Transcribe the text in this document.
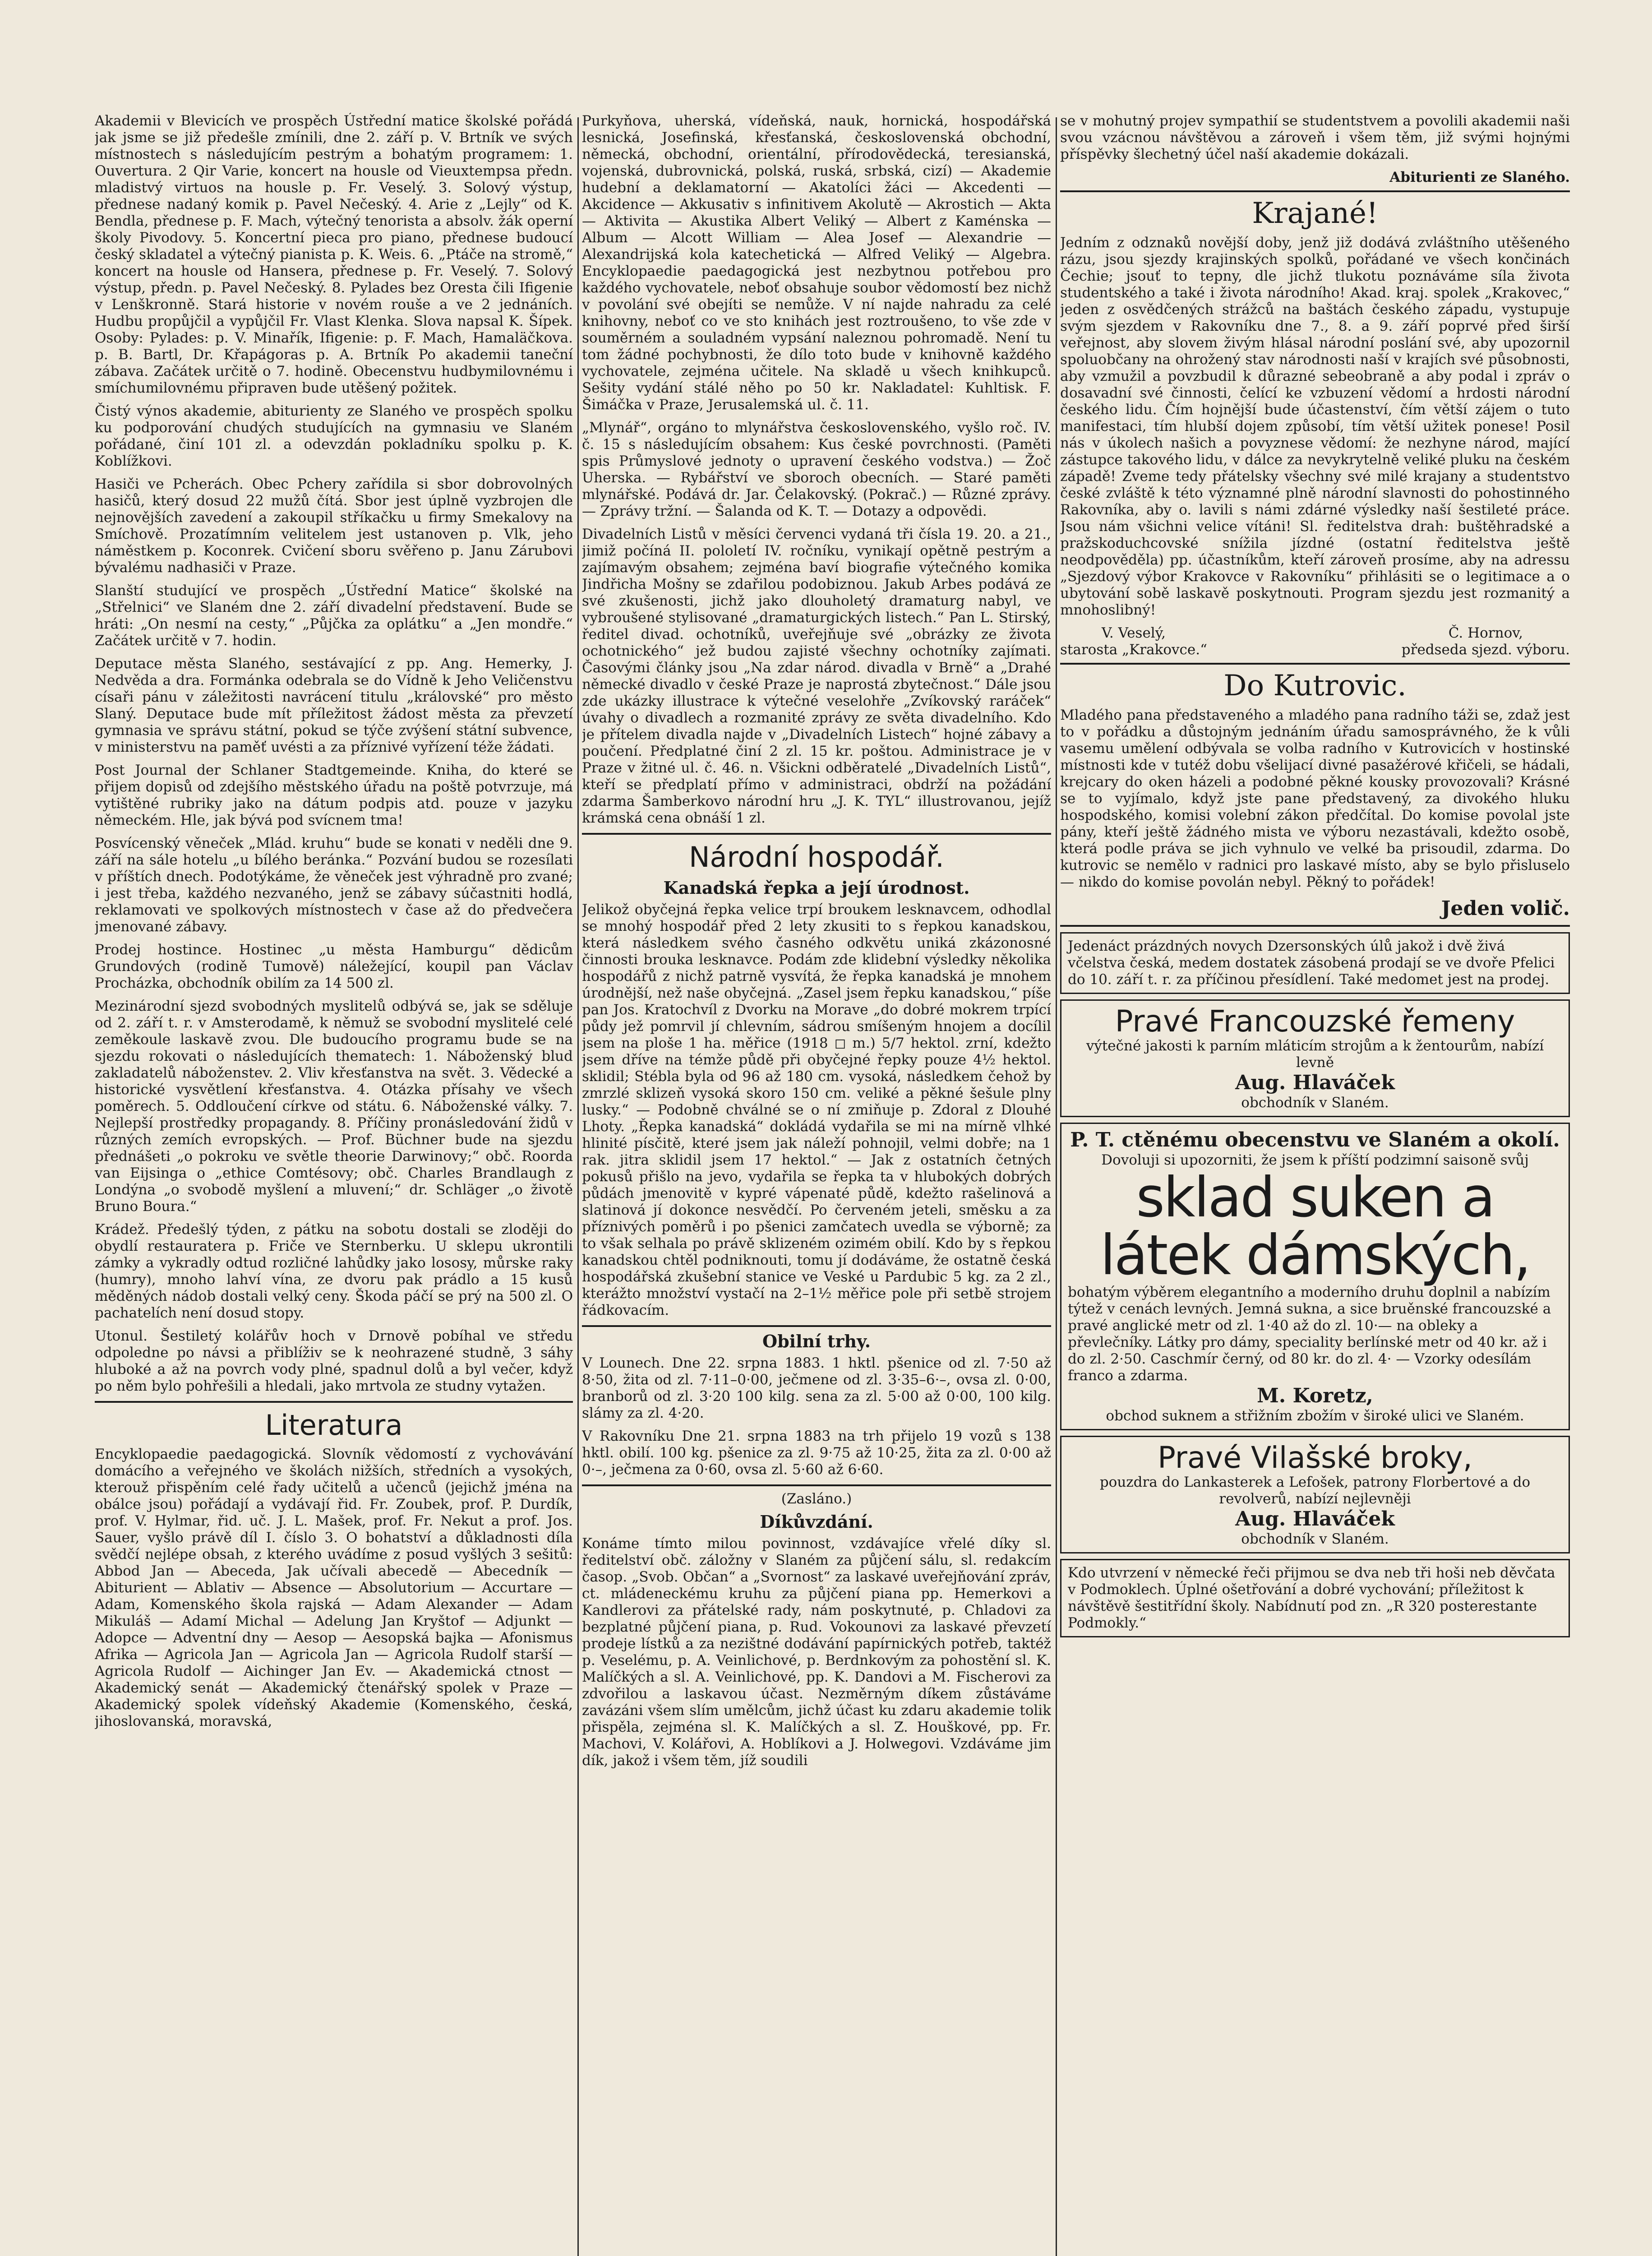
Akademii v Blevicích ve prospěch Ústřední matice školské pořádá jak jsme se již předešle zmínili, dne 2. září p. V. Brtník ve svých místnostech s následujícím pestrým a bohatým programem: 1. Ouvertura. 2 Qir Varie, koncert na housle od Vieuxtempsa předn. mladistvý virtuos na housle p. Fr. Veselý. 3. Solový výstup, přednese nadaný komik p. Pavel Nečeský. 4. Arie z „Lejly“ od K. Bendla, přednese p. F. Mach, výtečný tenorista a absolv. žák operní školy Pivodovy. 5. Koncertní pieca pro piano, přednese budoucí český skladatel a výtečný pianista p. K. Weis. 6. „Ptáče na stromě,“ koncert na housle od Hansera, přednese p. Fr. Veselý. 7. Solový výstup, předn. p. Pavel Nečeský. 8. Pylades bez Oresta čili Ifigenie v Lenškronně. Stará historie v novém rouše a ve 2 jednáních. Hudbu propůjčil a vypůjčil Fr. Vlast Klenka. Slova napsal K. Šípek. Osoby: Pylades: p. V. Minařík, Ifigenie: p. F. Mach, Hamaläčkova. p. B. Bartl, Dr. Křapágoras p. A. Brtník Po akademii taneční zábava. Začátek určitě o 7. hodině. Obecenstvu hudbymilovnému i smíchumilovnému připraven bude utěšený požitek.

Čistý výnos akademie, abiturienty ze Slaného ve prospěch spolku ku podporování chudých studujících na gymnasiu ve Slaném pořádané, činí 101 zl. a odevzdán pokladníku spolku p. K. Koblížkovi.

Hasiči ve Pcherách. Obec Pchery zařídila si sbor dobrovolných hasičů, který dosud 22 mužů čítá. Sbor jest úplně vyzbrojen dle nejnovějších zavedení a zakoupil stříkačku u firmy Smekalovy na Smíchově. Prozatímním velitelem jest ustanoven p. Vlk, jeho náměstkem p. Koconrek. Cvičení sboru svěřeno p. Janu Zárubovi bývalému nadhasiči v Praze.

Slanští studující ve prospěch „Ústřední Matice“ školské na „Střelnici“ ve Slaném dne 2. září divadelní představení. Bude se hráti: „On nesmí na cesty,“ „Půjčka za oplátku“ a „Jen mondře.“ Začátek určitě v 7. hodin.

Deputace města Slaného, sestávající z pp. Ang. Hemerky, J. Nedvěda a dra. Formánka odebrala se do Vídně k Jeho Veličenstvu císaři pánu v záležitosti navrácení titulu „královské“ pro město Slaný. Deputace bude mít příležitost žádost města za převzetí gymnasia ve správu státní, pokud se týče zvýšení státní subvence, v ministerstvu na paměť uvésti a za příznivé vyřízení téže žádati.

Post Journal der Schlaner Stadtgemeinde. Kniha, do které se přijem dopisů od zdejšího městského úřadu na poště potvrzuje, má vytištěné rubriky jako na dátum podpis atd. pouze v jazyku německém. Hle, jak bývá pod svícnem tma!

Posvícenský věneček „Mlád. kruhu“ bude se konati v neděli dne 9. září na sále hotelu „u bílého beránka.“ Pozvání budou se rozesílati v příštích dnech. Podotýkáme, že věneček jest výhradně pro zvané; i jest třeba, každého nezvaného, jenž se zábavy súčastniti hodlá, reklamovati ve spolkových místnostech v čase až do předvečera jmenované zábavy.

Prodej hostince. Hostinec „u města Hamburgu“ dědicům Grundových (rodině Tumově) náležející, koupil pan Václav Procházka, obchodník obilím za 14 500 zl.

Mezinárodní sjezd svobodných myslitelů odbývá se, jak se sděluje od 2. září t. r. v Amsterodamě, k němuž se svobodní myslitelé celé zeměkoule laskavě zvou. Dle budoucího programu bude se na sjezdu rokovati o následujících thematech: 1. Náboženský blud zakladatelů náboženstev. 2. Vliv křesťanstva na svět. 3. Vědecké a historické vysvětlení křesťanstva. 4. Otázka přísahy ve všech poměrech. 5. Oddloučení církve od státu. 6. Náboženské války. 7. Nejlepší prostředky propagandy. 8. Příčiny pronásledování židů v různých zemích evropských. — Prof. Büchner bude na sjezdu přednášeti „o pokroku ve světle theorie Darwinovy;“ obč. Roorda van Eijsinga o „ethice Comtésovy; obč. Charles Brandlaugh z Londýna „o svobodě myšlení a mluvení;“ dr. Schläger „o životě Bruno Boura.“

Krádež. Předešlý týden, z pátku na sobotu dostali se zloději do obydlí restauratera p. Friče ve Sternberku. U sklepu ukrontili zámky a vykradly odtud rozličné lahůdky jako lososy, můrske raky (humry), mnoho lahví vína, ze dvoru pak prádlo a 15 kusů měděných nádob dostali velký ceny. Škoda páčí se prý na 500 zl. O pachatelích není dosud stopy.

Utonul. Šestiletý kolářův hoch v Drnově pobíhal ve středu odpoledne po návsi a přiblíživ se k neohrazené studně, 3 sáhy hluboké a až na povrch vody plné, spadnul dolů a byl večer, když po něm bylo pohřešili a hledali, jako mrtvola ze studny vytažen.

Literatura

Encyklopaedie paedagogická. Slovník vědomostí z vychovávání domácího a veřejného ve školách nižších, středních a vysokých, kterouž přispěním celé řady učitelů a učenců (jejichž jména na obálce jsou) pořádají a vydávají řid. Fr. Zoubek, prof. P. Durdík, prof. V. Hylmar, řid. uč. J. L. Mašek, prof. Fr. Nekut a prof. Jos. Sauer, vyšlo právě díl I. číslo 3. O bohatství a důkladnosti díla svědčí nejlépe obsah, z kterého uvádíme z posud vyšlých 3 sešitů: Abbod Jan — Abeceda, Jak učívali abecedě — Abecedník — Abiturient — Ablativ — Absence — Absolutorium — Accurtare — Adam, Komenského škola rajská — Adam Alexander — Adam Mikuláš — Adamí Michal — Adelung Jan Kryštof — Adjunkt — Adopce — Adventní dny — Aesop — Aesopská bajka — Afonismus Afrika — Agricola Jan — Agricola Jan — Agricola Rudolf starší — Agricola Rudolf — Aichinger Jan Ev. — Akademická ctnost — Akademický senát — Akademický čtenářský spolek v Praze — Akademický spolek vídeňský Akademie (Komenského, česká, jihoslovanská, moravská,

Purkyňova, uherská, vídeňská, nauk, hornická, hospodářská lesnická, Josefinská, křesťanská, československá obchodní, německá, obchodní, orientální, přírodovědecká, teresianská, vojenská, dubrovnická, polská, ruská, srbská, cizí) — Akademie hudební a deklamatorní — Akatolíci žáci — Akcedenti — Akcidence — Akkusativ s infinitivem Akolutě — Akrostich — Akta — Aktivita — Akustika Albert Veliký — Albert z Kaménska — Album — Alcott William — Alea Josef — Alexandrie — Alexandrijská kola katechetická — Alfred Veliký — Algebra. Encyklopaedie paedagogická jest nezbytnou potřebou pro každého vychovatele, neboť obsahuje soubor vědomostí bez nichž v povolání své obejíti se nemůže. V ní najde nahradu za celé knihovny, neboť co ve sto knihách jest roztroušeno, to vše zde v souměrném a souladném vypsání naleznou pohromadě. Není tu tom žádné pochybnosti, že dílo toto bude v knihovně každého vychovatele, zejména učitele. Na skladě u všech knihkupců. Sešity vydání stálé něho po 50 kr. Nakladatel: Kuhltisk. F. Šimáčka v Praze, Jerusalemská ul. č. 11.

„Mlynář“, orgáno to mlynářstva československého, vyšlo roč. IV. č. 15 s následujícím obsahem: Kus české povrchnosti. (Paměti spis Průmyslové jednoty o upravení českého vodstva.) — Žoč Uherska. — Rybářství ve sboroch obecních. — Staré paměti mlynářské. Podává dr. Jar. Čelakovský. (Pokrač.) — Různé zprávy. — Zprávy tržní. — Šalanda od K. T. — Dotazy a odpovědi.

Divadelních Listů v měsíci červenci vydaná tři čísla 19. 20. a 21., jimiž počíná II. pololetí IV. ročníku, vynikají opětně pestrým a zajímavým obsahem; zejména baví biografie výtečného komika Jindřicha Mošny se zdařilou podobiznou. Jakub Arbes podává ze své zkušenosti, jichž jako dlouholetý dramaturg nabyl, ve vybroušené stylisované „dramaturgických listech.“ Pan L. Stirský, ředitel divad. ochotníků, uveřejňuje své „obrázky ze života ochotnického“ jež budou zajisté všechny ochotníky zajímati. Časovými články jsou „Na zdar národ. divadla v Brně“ a „Drahé německé divadlo v české Praze je naprostá zbytečnost.“ Dále jsou zde ukázky illustrace k výtečné veselohře „Zvíkovský raráček“ úvahy o divadlech a rozmanité zprávy ze světa divadelního. Kdo je přítelem divadla najde v „Divadelních Listech“ hojné zábavy a poučení. Předplatné činí 2 zl. 15 kr. poštou. Administrace je v Praze v žitné ul. č. 46. n. Všickni odběratelé „Divadelních Listů“, kteří se předplatí přímo v administraci, obdrží na požádání zdarma Šamberkovo národní hru „J. K. TYL“ illustrovanou, jejíž krámská cena obnáší 1 zl.

Národní hospodář.
Kanadská řepka a její úrodnost.

Jelikož obyčejná řepka velice trpí broukem lesknavcem, odhodlal se mnohý hospodář před 2 lety zkusiti to s řepkou kanadskou, která následkem svého časného odkvětu uniká zkázonosné činnosti brouka lesknavce. Podám zde klidební výsledky několika hospodářů z nichž patrně vysvítá, že řepka kanadská je mnohem úrodnější, než naše obyčejná. „Zasel jsem řepku kanadskou,“ píše pan Jos. Kratochvíl z Dvorku na Morave „do dobré mokrem trpící půdy jež pomrvil jí chlevním, sádrou smíšeným hnojem a docílil jsem na ploše 1 ha. měřice (1918 ◻ m.) 5/7 hektol. zrní, kdežto jsem dříve na témže půdě při obyčejné řepky pouze 4½ hektol. sklidil; Stébla byla od 96 až 180 cm. vysoká, následkem čehož by zmrzlé sklizeň vysoká skoro 150 cm. veliké a pěkné šešule plny lusky.“ — Podobně chválné se o ní zmiňuje p. Zdoral z Dlouhé Lhoty. „Řepka kanadská“ dokládá vydařila se mi na mírně vlhké hlinité písčitě, které jsem jak náleží pohnojil, velmi dobře; na 1 rak. jitra sklidil jsem 17 hektol.“ — Jak z ostatních četných pokusů přišlo na jevo, vydařila se řepka ta v hlubokých dobrých půdách jmenovitě v kypré vápenaté půdě, kdežto rašelinová a slatinová jí dokonce nesvědčí. Po červeném jeteli, směsku a za příznivých poměrů i po pšenici zamčatech uvedla se výborně; za to však selhala po právě sklizeném ozimém obilí. Kdo by s řepkou kanadskou chtěl podniknouti, tomu jí dodáváme, že ostatně česká hospodářská zkušební stanice ve Veské u Pardubic 5 kg. za 2 zl., kterážto množství vystačí na 2–1½ měřice pole při setbě strojem řádkovacím.

Obilní trhy.

V Lounech. Dne 22. srpna 1883. 1 hktl. pšenice od zl. 7·50 až 8·50, žita od zl. 7·11–0·00, ječmene od zl. 3·35–6·–, ovsa zl. 0·00, branborů od zl. 3·20 100 kilg. sena za zl. 5·00 až 0·00, 100 kilg. slámy za zl. 4·20.

V Rakovníku Dne 21. srpna 1883 na trh přijelo 19 vozů s 138 hktl. obilí. 100 kg. pšenice za zl. 9·75 až 10·25, žita za zl. 0·00 až 0·–, ječmena za 0·60, ovsa zl. 5·60 až 6·60.

(Zasláno.)
Díkůvzdání.

Konáme tímto milou povinnost, vzdávajíce vřelé díky sl. ředitelství obč. záložny v Slaném za půjčení sálu, sl. redakcím časop. „Svob. Občan“ a „Svornost“ za laskavé uveřejňování zpráv, ct. mládeneckému kruhu za půjčení piana pp. Hemerkovi a Kandlerovi za přátelské rady, nám poskytnuté, p. Chladovi za bezplatné půjčení piana, p. Rud. Vokounovi za laskavé převzetí prodeje lístků a za nezištné dodávání papírnických potřeb, taktéž p. Veselému, p. A. Veinlichové, p. Berdnkovým za pohostění sl. K. Malíčkých a sl. A. Veinlichové, pp. K. Dandovi a M. Fischerovi za zdvořilou a laskavou účast. Nezměrným díkem zůstáváme zavázáni všem slím umělcům, jichž účast ku zdaru akademie tolik přispěla, zejména sl. K. Malíčkých a sl. Z. Houškové, pp. Fr. Machovi, V. Kolářovi, A. Hoblíkovi a J. Holwegovi. Vzdáváme jim dík, jakož i všem těm, jíž soudili

se v mohutný projev sympathií se studentstvem a povolili akademii naši svou vzácnou návštěvou a zároveň i všem těm, již svými hojnými příspěvky šlechetný účel naší akademie dokázali.

Abiturienti ze Slaného.
Krajané!

Jedním z odznaků novější doby, jenž již dodává zvláštního utěšeného rázu, jsou sjezdy krajinských spolků, pořádané ve všech končinách Čechie; jsouť to tepny, dle jichž tlukotu poznáváme síla života studentského a také i života národního! Akad. kraj. spolek „Krakovec,“ jeden z osvědčených strážců na baštách českého západu, vystupuje svým sjezdem v Rakovníku dne 7., 8. a 9. září poprvé před širší veřejnost, aby slovem živým hlásal národní poslání své, aby upozornil spoluobčany na ohrožený stav národnosti naší v krajích své působnosti, aby vzmužil a povzbudil k důrazné sebeobraně a aby podal i zpráv o dosavadní své činnosti, čelící ke vzbuzení vědomí a hrdosti národní českého lidu. Čím hojnější bude účastenství, čím větší zájem o tuto manifestaci, tím hlubší dojem způsobí, tím větší užitek ponese! Posiľ nás v úkolech našich a povyznese vědomí: že nezhyne národ, mající zástupce takového lidu, v dálce za nevykrytelně veliké pluku na českém západě! Zveme tedy přátelsky všechny své milé krajany a studentstvo české zvláště k této významné plně národní slavnosti do pohostinného Rakovníka, aby o. lavili s námi zdárné výsledky naší šestileté práce. Jsou nám všichni velice vítáni! Sl. ředitelstva drah: buštěhradské a pražskoduchcovské snížila jízdné (ostatní ředitelstva ještě neodpověděla) pp. účastníkům, kteří zároveň prosíme, aby na adressu „Sjezdový výbor Krakovce v Rakovníku“ přihlásiti se o legitimace a o ubytování sobě laskavě poskytnouti. Program sjezdu jest rozmanitý a mnohoslibný!

V. Veselý,
starosta „Krakovce.“
Č. Hornov,
předseda sjezd. výboru.
Do Kutrovic.

Mladého pana představeného a mladého pana radního táži se, zdaž jest to v pořádku a důstojným jednáním úřadu samosprávného, že k vůli vasemu umělení odbývala se volba radního v Kutrovicích v hostinské místnosti kde v tutéž dobu všelijací divné pasažérové křičeli, se hádali, krejcary do oken házeli a podobné pěkné kousky provozovali? Krásné se to vyjímalo, když jste pane představený, za divokého hluku hospodského, komisi volební zákon předčítal. Do komise povolal jste pány, kteří ještě žádného mista ve výboru nezastávali, kdežto osobě, která podle práva se jich vyhnulo ve velké ba prisoudil, zdarma. Do kutrovic se nemělo v radnici pro laskavé místo, aby se bylo přisluselo — nikdo do komise povolán nebyl. Pěkný to pořádek!

Jeden volič.
Jedenáct prázdných novych Dzersonských úlů jakož i dvě živá včelstva česká, medem dostatek zásobená prodají se ve dvoře Pfelici do 10. září t. r. za příčinou přesídlení. Také medomet jest na prodej.
Pravé Francouzské řemeny
výtečné jakosti k parním mláticím strojům a k žentourům, nabízí levně
Aug. Hlaváček
obchodník v Slaném.
P. T. ctěnému obecenstvu ve Slaném a okolí.
Dovoluji si upozorniti, že jsem k příští podzimní saisoně svůj
sklad suken a látek dámských,
bohatým výběrem elegantního a moderního druhu doplnil a nabízím týtež v cenách levných. Jemná sukna, a sice bruěnské francouzské a pravé anglické metr od zl. 1·40 až do zl. 10·— na oblekу a převlečníky. Látky pro dámy, speciality berlínské metr od 40 kr. až i do zl. 2·50. Caschmír černý, od 80 kr. do zl. 4· — Vzorky odesílám franco a zdarma.
M. Koretz,
obchod suknem a střižním zbožím v široké ulici ve Slaném.
Pravé Vilašské broky,
pouzdra do Lankasterek a Lefošek, patrony Florbertové a do revolverů, nabízí nejlevněji
Aug. Hlaváček
obchodník v Slaném.
Kdo utvrzení v německé řeči přijmou se dva neb tři hoši neb děvčata v Podmoklech. Úplné ošetřování a dobré vychování; příležitost k návštěvě šestitřídní školy. Nabídnutí pod zn. „R 320 posterestante Podmokly.“
